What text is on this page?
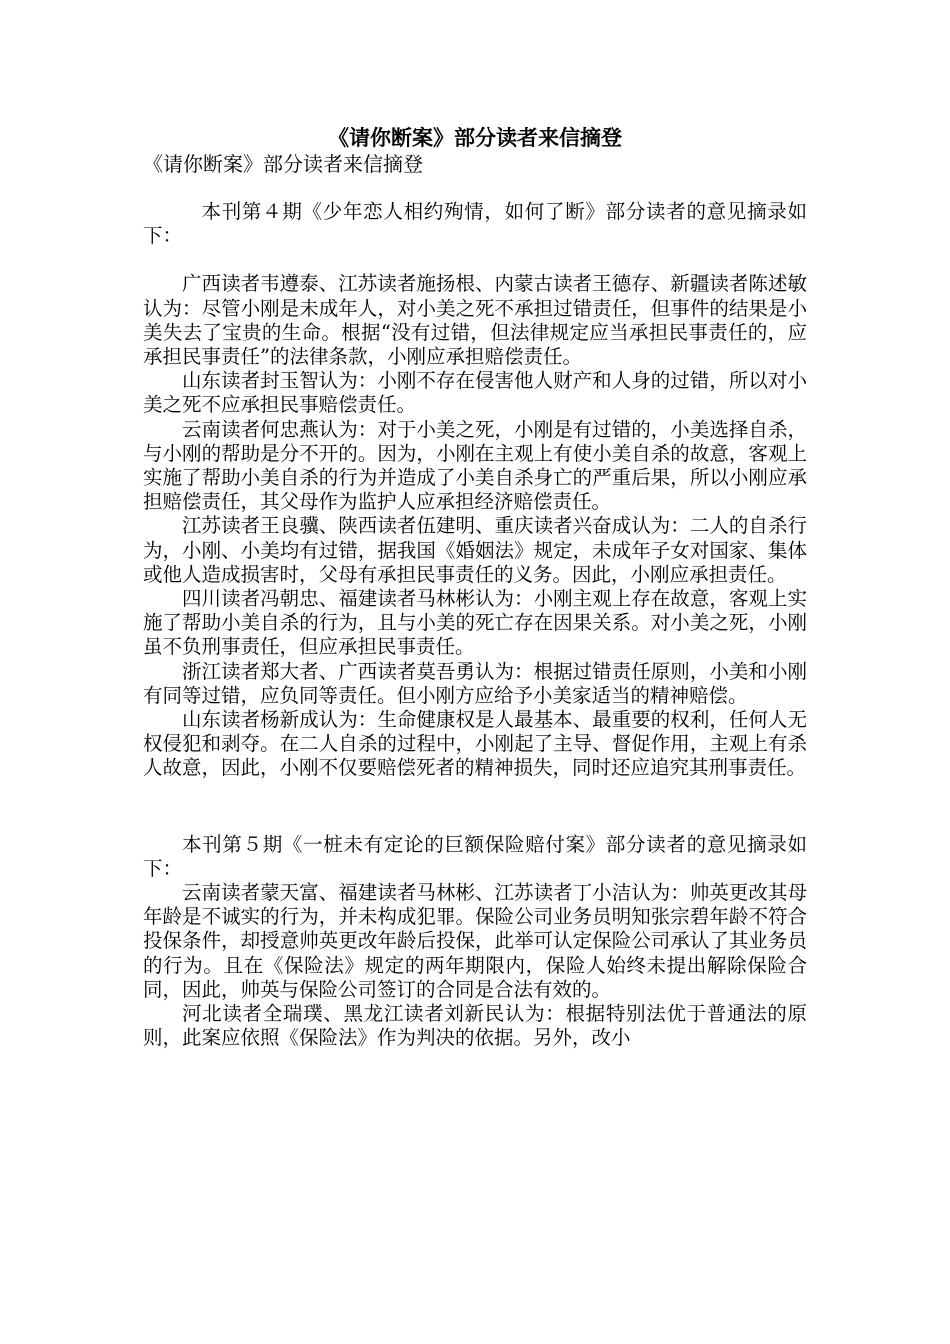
《请你断案》部分读者来信摘登
《请你断案》部分读者来信摘登

本刊第４期《少年恋人相约殉情，如何了断》部分读者的意见摘录如下：

广西读者韦遵泰、江苏读者施扬根、内蒙古读者王德存、新疆读者陈述敏认为：尽管小刚是未成年人，对小美之死不承担过错责任，但事件的结果是小美失去了宝贵的生命。根据“没有过错，但法律规定应当承担民事责任的，应承担民事责任”的法律条款，小刚应承担赔偿责任。

山东读者封玉智认为：小刚不存在侵害他人财产和人身的过错，所以对小美之死不应承担民事赔偿责任。

云南读者何忠燕认为：对于小美之死，小刚是有过错的，小美选择自杀，与小刚的帮助是分不开的。因为，小刚在主观上有使小美自杀的故意，客观上实施了帮助小美自杀的行为并造成了小美自杀身亡的严重后果，所以小刚应承担赔偿责任，其父母作为监护人应承担经济赔偿责任。

江苏读者王良骥、陕西读者伍建明、重庆读者兴奋成认为：二人的自杀行为，小刚、小美均有过错，据我国《婚姻法》规定，未成年子女对国家、集体或他人造成损害时，父母有承担民事责任的义务。因此，小刚应承担责任。

四川读者冯朝忠、福建读者马林彬认为：小刚主观上存在故意，客观上实施了帮助小美自杀的行为，且与小美的死亡存在因果关系。对小美之死，小刚虽不负刑事责任，但应承担民事责任。

浙江读者郑大者、广西读者莫吾勇认为：根据过错责任原则，小美和小刚有同等过错，应负同等责任。但小刚方应给予小美家适当的精神赔偿。

山东读者杨新成认为：生命健康权是人最基本、最重要的权利，任何人无权侵犯和剥夺。在二人自杀的过程中，小刚起了主导、督促作用，主观上有杀人故意，因此，小刚不仅要赔偿死者的精神损失，同时还应追究其刑事责任。

本刊第５期《一桩未有定论的巨额保险赔付案》部分读者的意见摘录如下：

云南读者蒙天富、福建读者马林彬、江苏读者丁小洁认为：帅英更改其母年龄是不诚实的行为，并未构成犯罪。保险公司业务员明知张宗碧年龄不符合投保条件，却授意帅英更改年龄后投保，此举可认定保险公司承认了其业务员的行为。且在《保险法》规定的两年期限内，保险人始终未提出解除保险合同，因此，帅英与保险公司签订的合同是合法有效的。

河北读者全瑞璞、黑龙江读者刘新民认为：根据特别法优于普通法的原则，此案应依照《保险法》作为判决的依据。另外，改小
